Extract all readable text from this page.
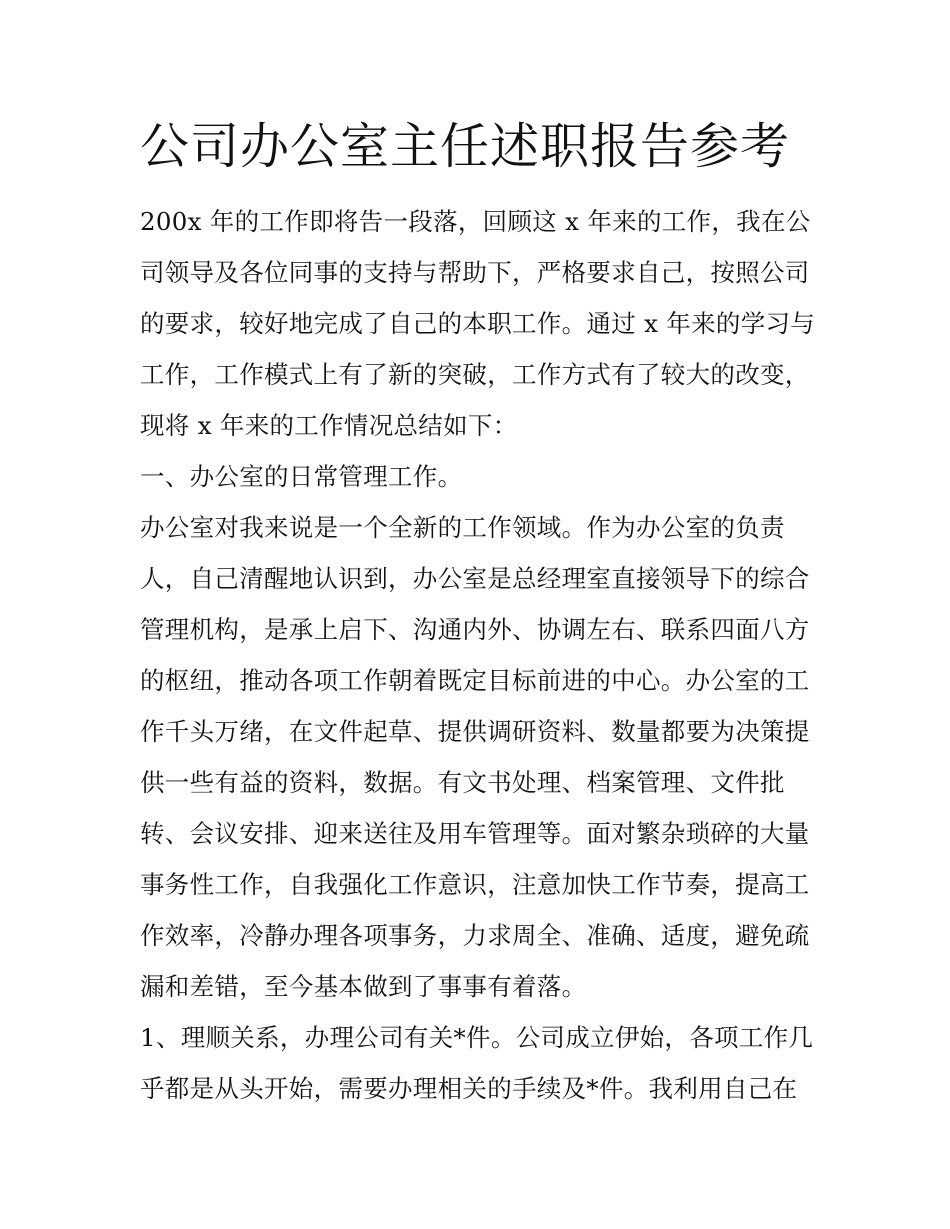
公司办公室主任述职报告参考
200x 年的工作即将告一段落，回顾这 x 年来的工作，我在公
司领导及各位同事的支持与帮助下，严格要求自己，按照公司
的要求，较好地完成了自己的本职工作。通过 x 年来的学习与
工作，工作模式上有了新的突破，工作方式有了较大的改变，
现将 x 年来的工作情况总结如下：
一、办公室的日常管理工作。
办公室对我来说是一个全新的工作领域。作为办公室的负责
人，自己清醒地认识到，办公室是总经理室直接领导下的综合
管理机构，是承上启下、沟通内外、协调左右、联系四面八方
的枢纽，推动各项工作朝着既定目标前进的中心。办公室的工
作千头万绪，在文件起草、提供调研资料、数量都要为决策提
供一些有益的资料，数据。有文书处理、档案管理、文件批
转、会议安排、迎来送往及用车管理等。面对繁杂琐碎的大量
事务性工作，自我强化工作意识，注意加快工作节奏，提高工
作效率，冷静办理各项事务，力求周全、准确、适度，避免疏
漏和差错，至今基本做到了事事有着落。
1、理顺关系，办理公司有关*件。公司成立伊始，各项工作几
乎都是从头开始，需要办理相关的手续及*件。我利用自己在
